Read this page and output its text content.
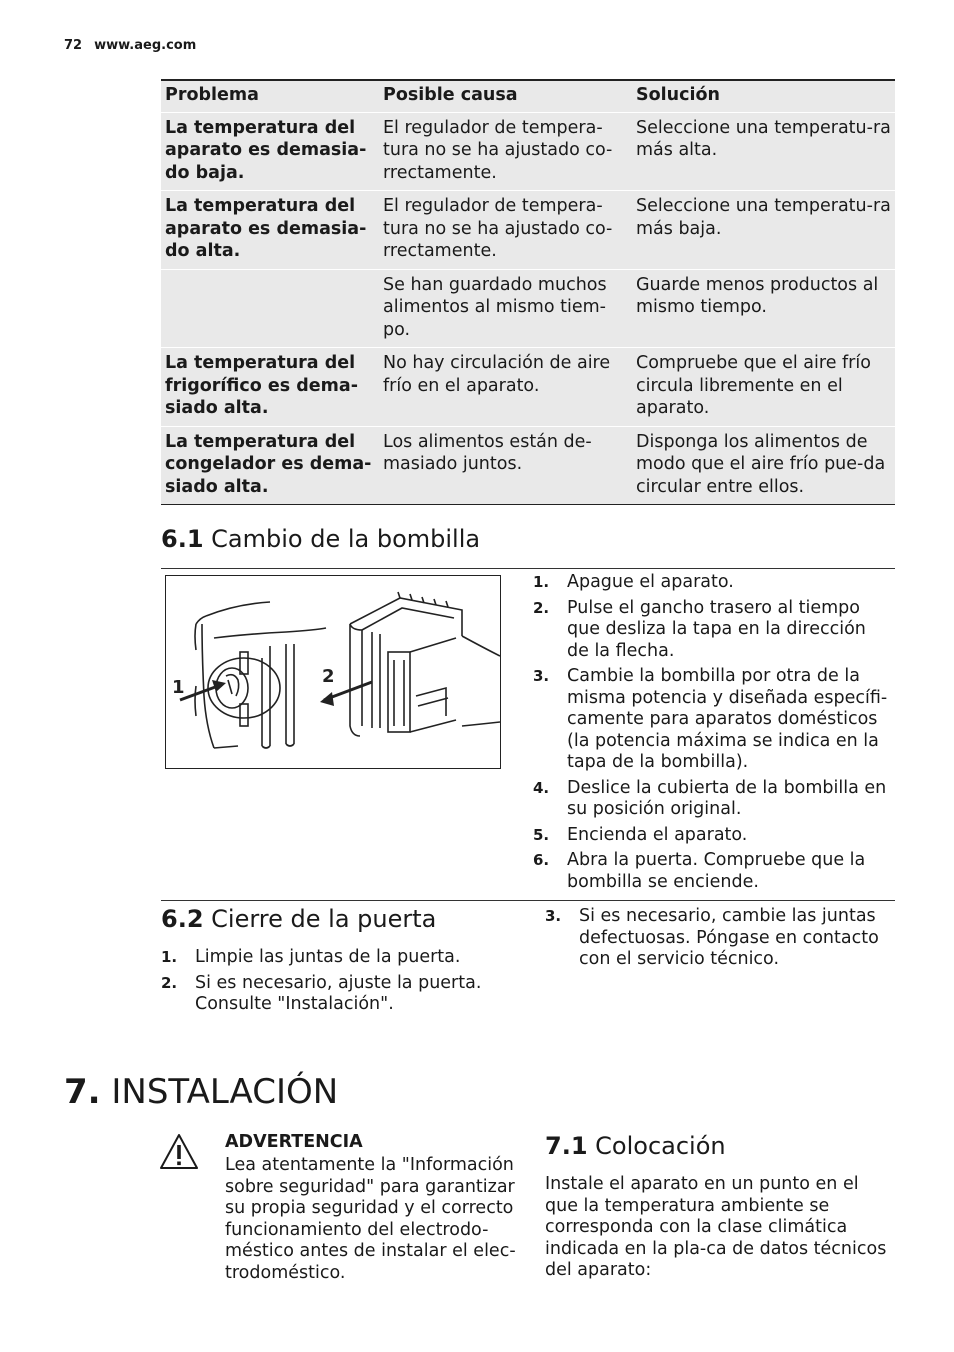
72 www.aeg.com
Problema	Posible causa	Solución
La temperatura del aparato es demasia-do baja.	El regulador de tempera-tura no se ha ajustado co-rrectamente.	Seleccione una temperatu-ra más alta.
La temperatura del aparato es demasia-do alta.	El regulador de tempera-tura no se ha ajustado co-rrectamente.	Seleccione una temperatu-ra más baja.
	Se han guardado muchos alimentos al mismo tiem-po.	Guarde menos productos al mismo tiempo.
La temperatura del frigorífico es dema-siado alta.	No hay circulación de aire frío en el aparato.	Compruebe que el aire frío circula libremente en el aparato.
La temperatura del congelador es dema-siado alta.	Los alimentos están de-masiado juntos.	Disponga los alimentos de modo que el aire frío pue-da circular entre ellos.
6.1 Cambio de la bombilla
1
2
1. Apague el aparato.
2. Pulse el gancho trasero al tiempo que desliza la tapa en la dirección de la flecha.
3. Cambie la bombilla por otra de la misma potencia y diseñada específi-camente para aparatos domésticos (la potencia máxima se indica en la tapa de la bombilla).
4. Deslice la cubierta de la bombilla en su posición original.
5. Encienda el aparato.
6. Abra la puerta. Compruebe que la bombilla se enciende.
6.2 Cierre de la puerta
1. Limpie las juntas de la puerta.
2. Si es necesario, ajuste la puerta. Consulte "Instalación".
3. Si es necesario, cambie las juntas defectuosas. Póngase en contacto con el servicio técnico.
7. INSTALACIÓN
ADVERTENCIA
Lea atentamente la "Información sobre seguridad" para garantizar su propia seguridad y el correcto funcionamiento del electrodo-méstico antes de instalar el elec-trodoméstico.
7.1 Colocación
Instale el aparato en un punto en el que la temperatura ambiente se corresponda con la clase climática indicada en la pla-ca de datos técnicos del aparato:
